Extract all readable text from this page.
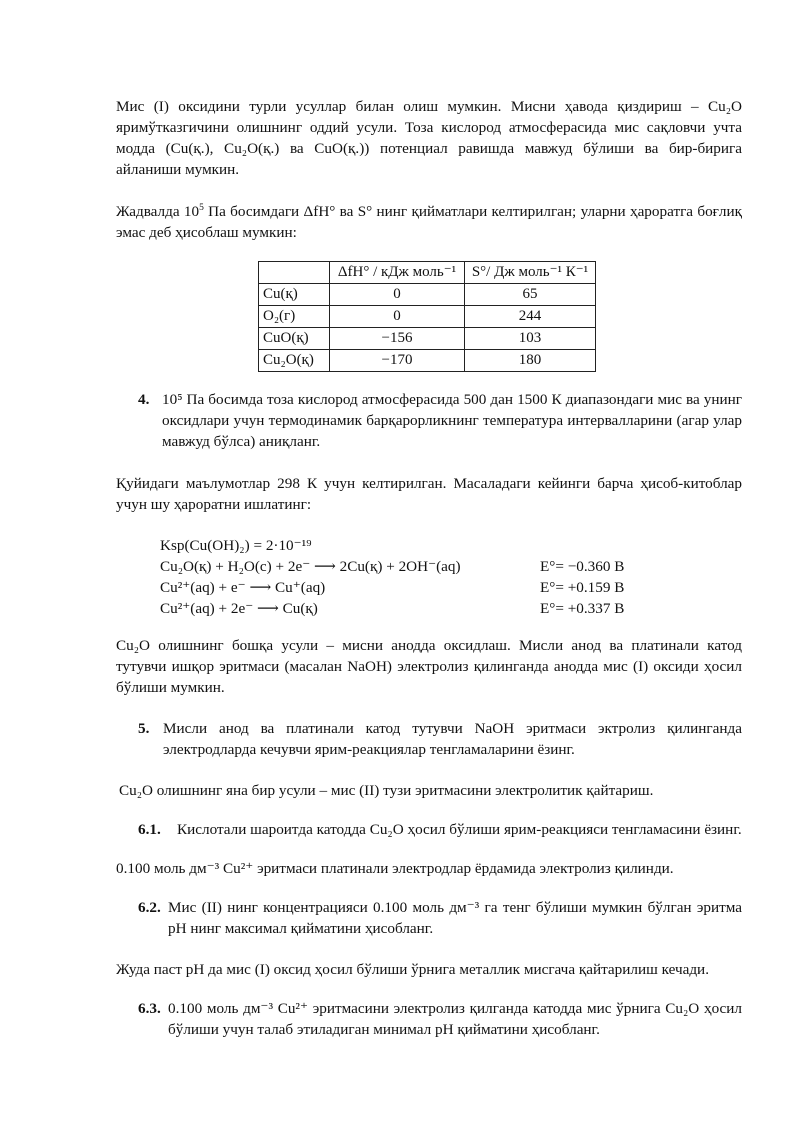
Мис (I) оксидини турли усуллар билан олиш мумкин. Мисни ҳавода қиздириш – Cu₂O яримўтказгичини олишнинг оддий усули. Тоза кислород атмосферасида мис сақловчи учта модда (Cu(қ.), Cu₂O(қ.) ва CuO(қ.)) потенциал равишда мавжуд бўлиши ва бир-бирига айланиши мумкин.

Жадвалда $10^5$ Па босимдаги ΔfH° ва S° нинг қийматлари келтирилган; уларни ҳароратга боғлиқ эмас деб ҳисоблаш мумкин:

	ΔfH° / кДж моль⁻¹	S°/ Дж моль⁻¹ К⁻¹
Cu(қ)	0	65
O₂(г)	0	244
CuO(қ)	−156	103
Cu₂O(қ)	−170	180
4. 10⁵ Па босимда тоза кислород атмосферасида 500 дан 1500 К диапазондаги мис ва унинг оксидлари учун термодинамик барқарорликнинг температура интервалларини (агар улар мавжуд бўлса) аниқланг.

Қуйидаги маълумотлар 298 К учун келтирилган. Масаладаги кейинги барча ҳисоб-китоблар учун шу ҳароратни ишлатинг:

Ksp(Cu(OH)₂) = 2·10⁻¹⁹
Cu₂O(қ) + H₂O(с) + 2e⁻ ⟶ 2Cu(қ) + 2OH⁻(aq)	E°= −0.360 В
Cu²⁺(aq) + e⁻ ⟶ Cu⁺(aq)	E°= +0.159 В
Cu²⁺(aq) + 2e⁻ ⟶ Cu(қ)	E°= +0.337 В

Cu₂O олишнинг бошқа усули – мисни анодда оксидлаш. Мисли анод ва платинали катод тутувчи ишқор эритмаси (масалан NaOH) электролиз қилинганда анодда мис (I) оксиди ҳосил бўлиши мумкин.

5. Мисли анод ва платинали катод тутувчи NaOH эритмаси эктролиз қилинганда электродларда кечувчи ярим-реакциялар тенгламаларини ёзинг.

Cu₂O олишнинг яна бир усули – мис (II) тузи эритмасини электролитик қайтариш.

6.1.	Кислотали шароитда катодда Cu₂O ҳосил бўлиши ярим-реакцияси тенгламасини ёзинг.

0.100 моль дм⁻³ Cu²⁺ эритмаси платинали электродлар ёрдамида электролиз қилинди.

6.2. Мис (II) нинг концентрацияси 0.100 моль дм⁻³ га тенг бўлиши мумкин бўлган эритма pH нинг максимал қийматини ҳисобланг.

Жуда паст pH да мис (I) оксид ҳосил бўлиши ўрнига металлик мисгача қайтарилиш кечади.

6.3. 0.100 моль дм⁻³ Cu²⁺ эритмасини электролиз қилганда катодда мис ўрнига Cu₂O ҳосил бўлиши учун талаб этиладиган минимал pH қийматини ҳисобланг.
